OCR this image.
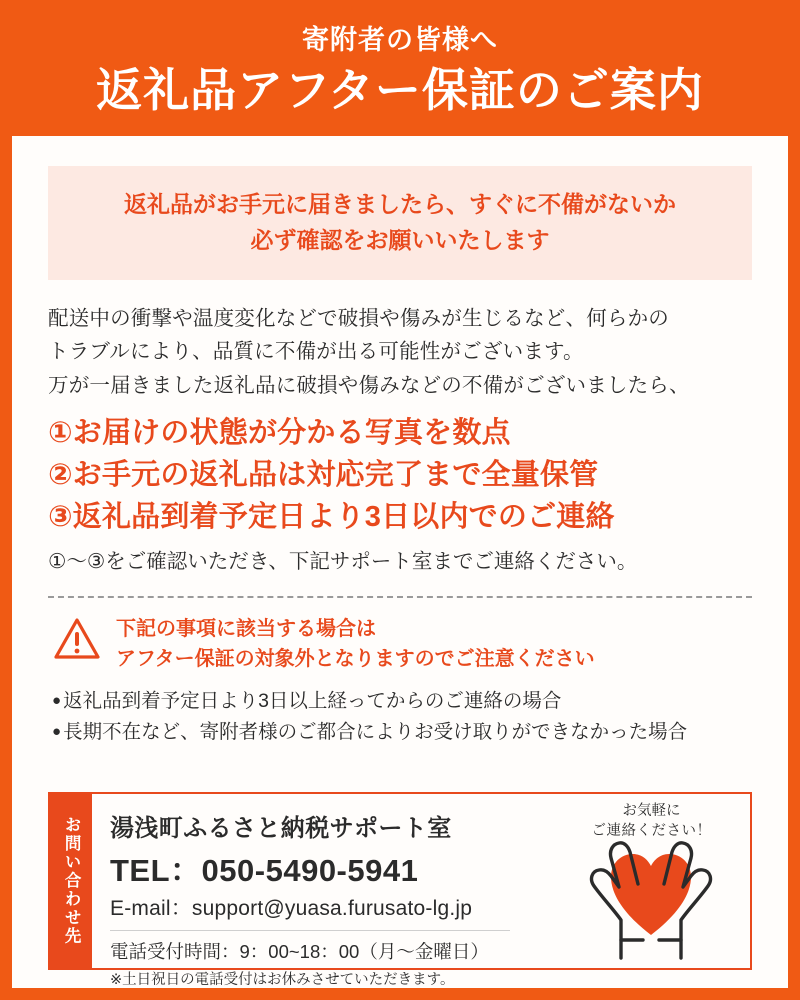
寄附者の皆様へ
返礼品アフター保証のご案内
返礼品がお手元に届きましたら、すぐに不備がないか
必ず確認をお願いいたします
配送中の衝撃や温度変化などで破損や傷みが生じるなど、何らかの
トラブルにより、品質に不備が出る可能性がございます。
万が一届きました返礼品に破損や傷みなどの不備がございましたら、
①お届けの状態が分かる写真を数点
②お手元の返礼品は対応完了まで全量保管
③返礼品到着予定日より3日以内でのご連絡
①〜③をご確認いただき、下記サポート室までご連絡ください。
下記の事項に該当する場合は
アフター保証の対象外となりますのでご注意ください
● 返礼品到着予定日より3日以上経ってからのご連絡の場合
● 長期不在など、寄附者様のご都合によりお受け取りができなかった場合
お問い合わせ先	湯浅町ふるさと納税サポート室
TEL：050-5490-5941
E-mail：support@yuasa.furusato-lg.jp
電話受付時間：9：00~18：00（月～金曜日）
※土日祝日の電話受付はお休みさせていただきます。
お気軽に
ご連絡ください！
